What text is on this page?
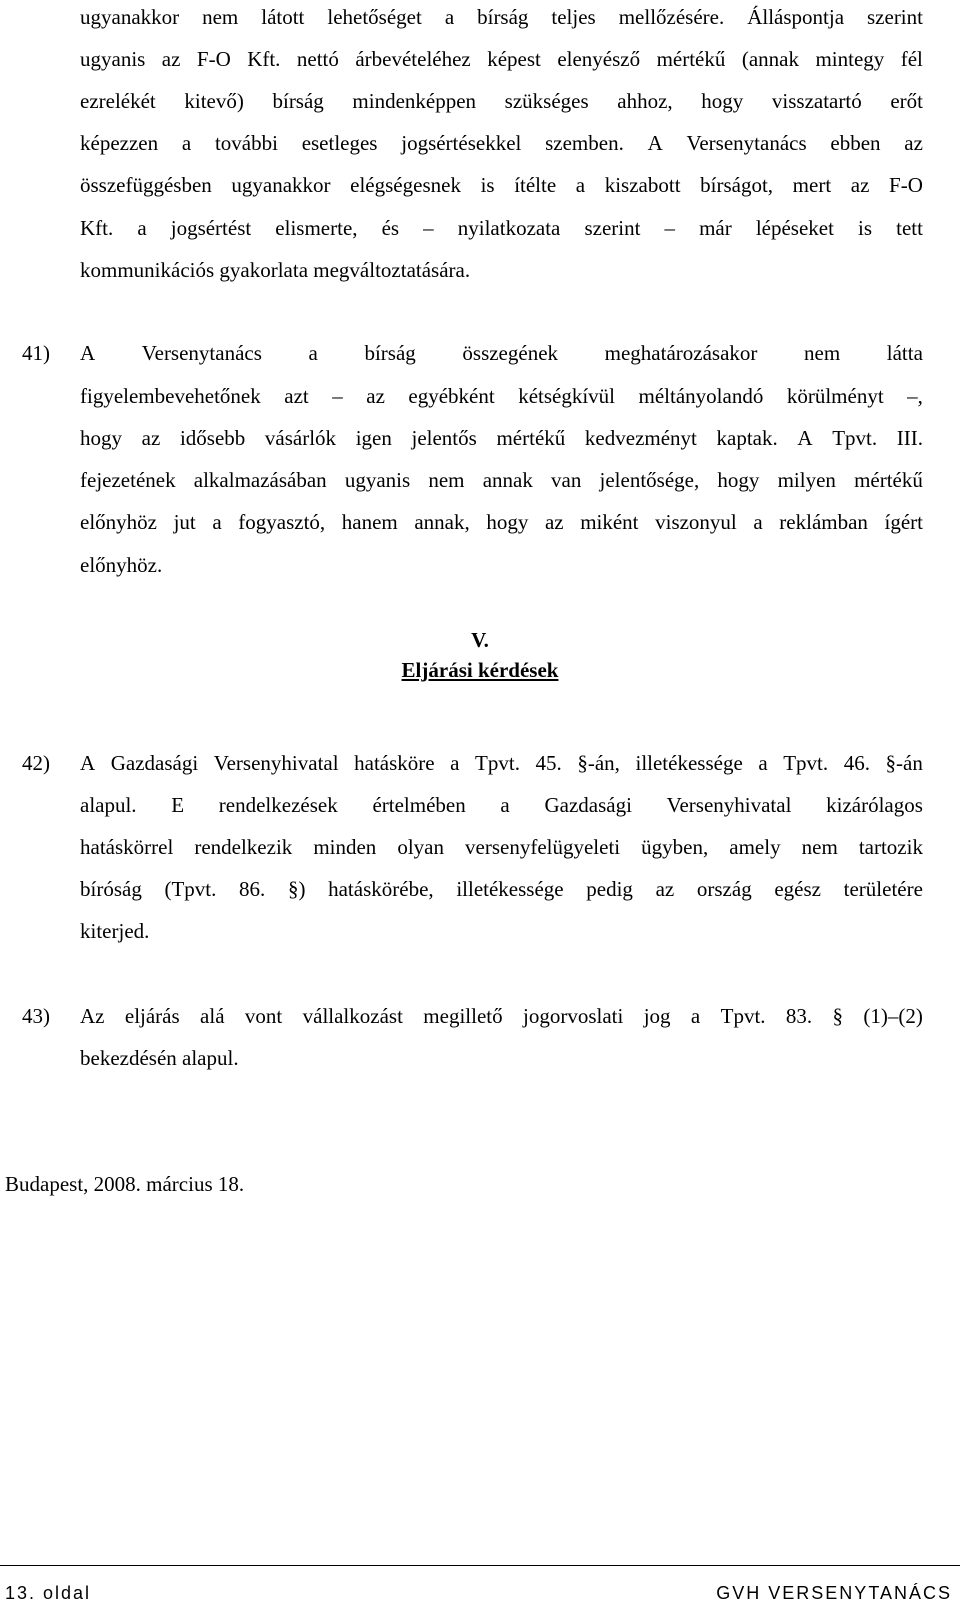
ugyanakkor nem látott lehetőséget a bírság teljes mellőzésére. Álláspontja szerint
ugyanis az F-O Kft. nettó árbevételéhez képest elenyésző mértékű (annak mintegy fél
ezrelékét kitevő) bírság mindenképpen szükséges ahhoz, hogy visszatartó erőt
képezzen a további esetleges jogsértésekkel szemben. A Versenytanács ebben az
összefüggésben ugyanakkor elégségesnek is ítélte a kiszabott bírságot, mert az F-O
Kft. a jogsértést elismerte, és – nyilatkozata szerint – már lépéseket is tett
kommunikációs gyakorlata megváltoztatására.
41) A Versenytanács a bírság összegének meghatározásakor nem látta
figyelembevehetőnek azt – az egyébként kétségkívül méltányolandó körülményt –,
hogy az idősebb vásárlók igen jelentős mértékű kedvezményt kaptak. A Tpvt. III.
fejezetének alkalmazásában ugyanis nem annak van jelentősége, hogy milyen mértékű
előnyhöz jut a fogyasztó, hanem annak, hogy az miként viszonyul a reklámban ígért
előnyhöz.
V.
Eljárási kérdések
42) A Gazdasági Versenyhivatal hatásköre a Tpvt. 45. §-án, illetékessége a Tpvt. 46. §-án
alapul. E rendelkezések értelmében a Gazdasági Versenyhivatal kizárólagos
hatáskörrel rendelkezik minden olyan versenyfelügyeleti ügyben, amely nem tartozik
bíróság (Tpvt. 86. §) hatáskörébe, illetékessége pedig az ország egész területére
kiterjed.
43) Az eljárás alá vont vállalkozást megillető jogorvoslati jog a Tpvt. 83. § (1)–(2)
bekezdésén alapul.
Budapest, 2008. március 18.
13. oldal	GVH VERSENYTANÁCS
